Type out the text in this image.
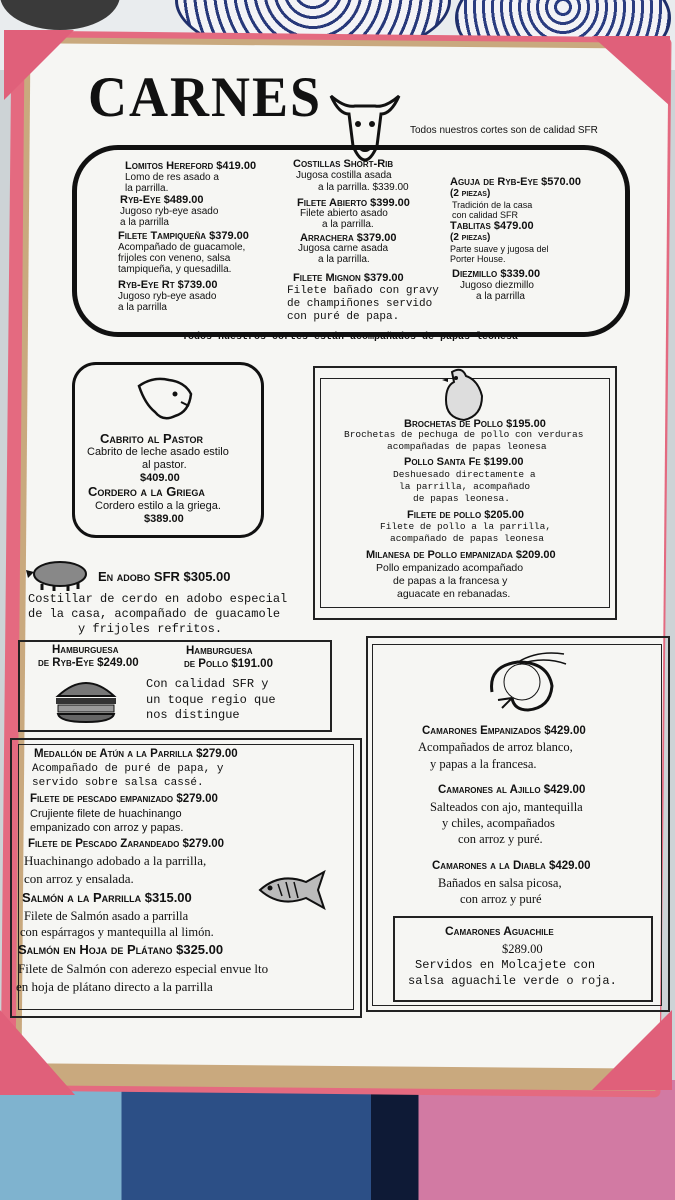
CARNES
Todos nuestros cortes son de calidad SFR
Lomitos Hereford $419.00
Lomo de res asado a
la parrilla.
Ryb-Eye $489.00
Jugoso ryb-eye asado
a la parrilla
Filete Tampiqueña $379.00
Acompañado de guacamole,
frijoles con veneno, salsa
tampiqueña, y quesadilla.
Ryb-Eye Rt $739.00
Jugoso ryb-eye asado
a la parrilla
Costillas Short-Rib
Jugosa costilla asada
a la parrilla. $339.00
Filete Abierto $399.00
Filete abierto asado
a la parrilla.
Arrachera $379.00
Jugosa carne asada
a la parrilla.
Filete Mignon $379.00
Filete bañado con gravy
de champiñones servido
con puré de papa.
Aguja de Ryb-Eye $570.00
(2 piezas)
Tradición de la casa
con calidad SFR
Tablitas $479.00
(2 piezas)
Parte suave y jugosa del
Porter House.
Diezmillo $339.00
Jugoso diezmillo
a la parrilla
Todos nuestros cortes están acompañados de papas leonesa
Cabrito al Pastor
Cabrito de leche asado estilo
al pastor.
$409.00
Cordero a la Griega
Cordero estilo a la griega.
$389.00
Brochetas de Pollo $195.00
Brochetas de pechuga de pollo con verduras
acompañadas de papas leonesa
Pollo Santa Fe $199.00
Deshuesado directamente a
la parrilla, acompañado
de papas leonesa.
Filete de pollo $205.00
Filete de pollo a la parrilla,
acompañado de papas leonesa
Milanesa de Pollo empanizada $209.00
Pollo empanizado acompañado
de papas a la francesa y
aguacate en rebanadas.
En adobo SFR $305.00
Costillar de cerdo en adobo especial
de la casa, acompañado de guacamole
y frijoles refritos.
Hamburguesa
de Ryb-Eye $249.00
Hamburguesa
de Pollo $191.00
Con calidad SFR y
un toque regio que
nos distingue
Medallón de Atún a la Parrilla $279.00
Acompañado de puré de papa, y
servido sobre salsa cassé.
Filete de pescado empanizado $279.00
Crujiente filete de huachinango
empanizado con arroz y papas.
Filete de Pescado Zarandeado $279.00
Huachinango adobado a la parrilla,
con arroz y ensalada.
Salmón a la Parrilla $315.00
Filete de Salmón asado a parrilla
con espárragos y mantequilla al limón.
Salmón en Hoja de Plátano $325.00
Filete de Salmón con aderezo especial envue lto
en hoja de plátano directo a la parrilla
Camarones Empanizados $429.00
Acompañados de arroz blanco,
y papas a la francesa.
Camarones al Ajillo $429.00
Salteados con ajo, mantequilla
y chiles, acompañados
con arroz y puré.
Camarones a la Diabla $429.00
Bañados en salsa picosa,
con arroz y puré
Camarones Aguachile
$289.00
Servidos en Molcajete con
salsa aguachile verde o roja.
